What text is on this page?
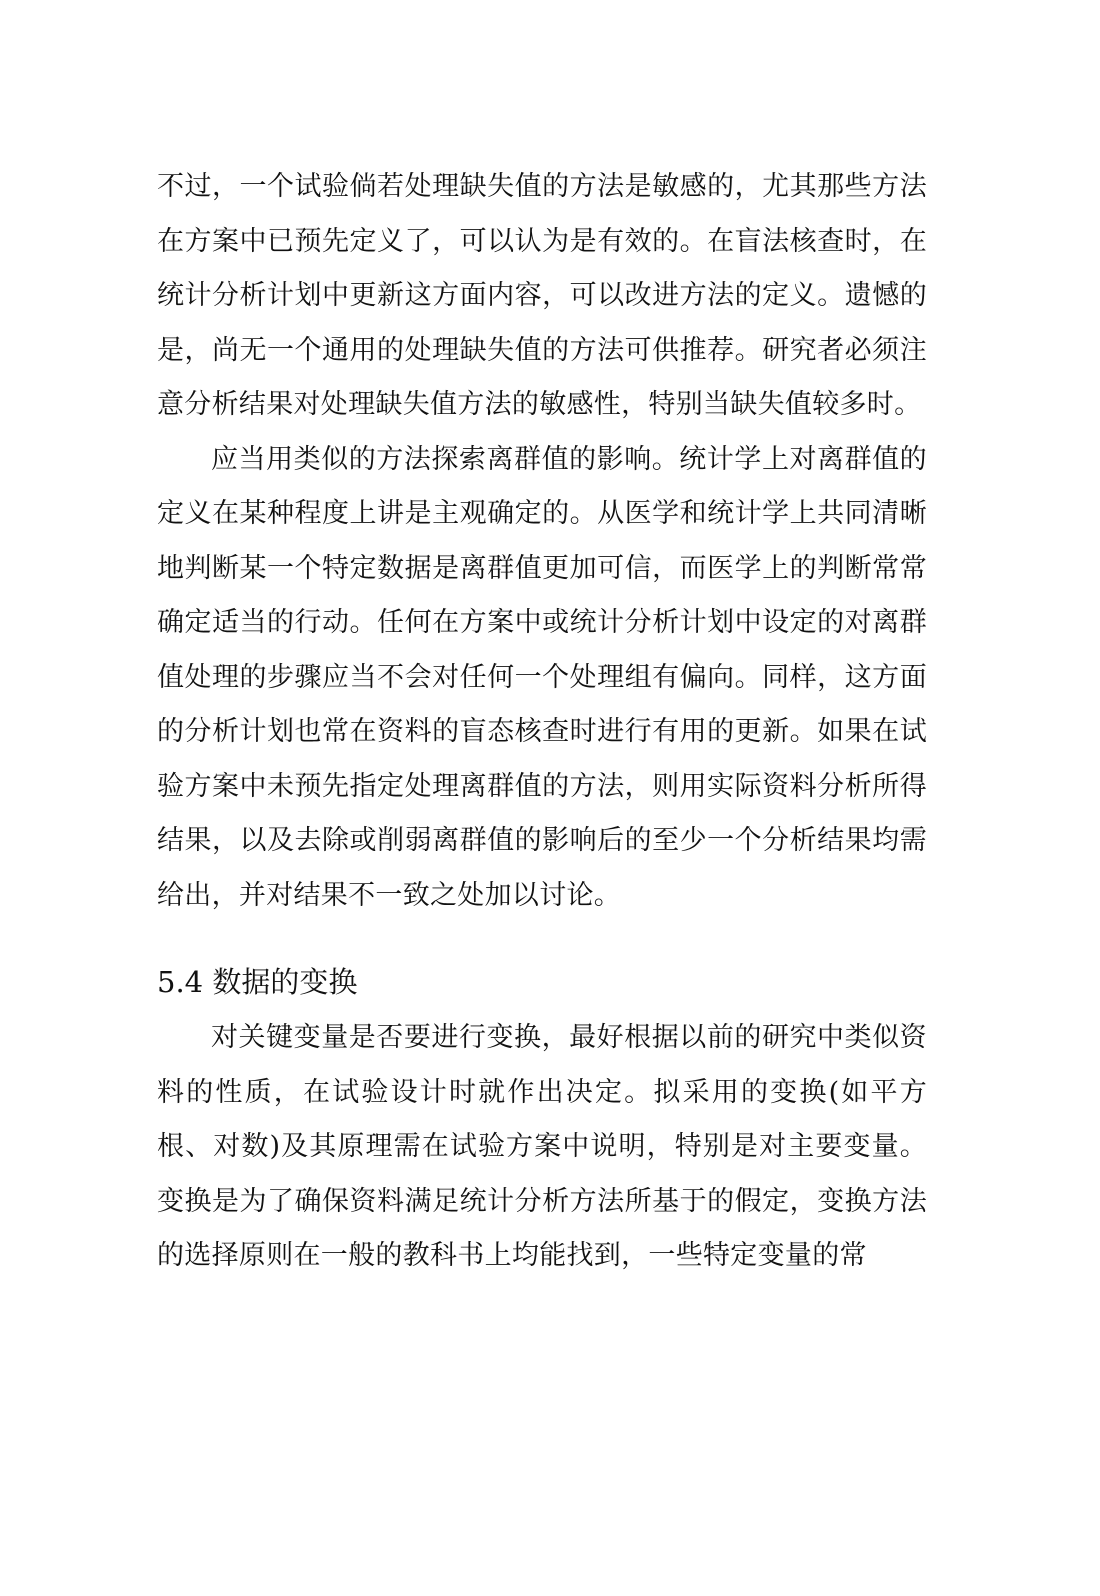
不过，一个试验倘若处理缺失值的方法是敏感的，尤其那些方法在方案中已预先定义了，可以认为是有效的。在盲法核查时，在统计分析计划中更新这方面内容，可以改进方法的定义。遗憾的是，尚无一个通用的处理缺失值的方法可供推荐。研究者必须注意分析结果对处理缺失值方法的敏感性，特别当缺失值较多时。

应当用类似的方法探索离群值的影响。统计学上对离群值的定义在某种程度上讲是主观确定的。从医学和统计学上共同清晰地判断某一个特定数据是离群值更加可信，而医学上的判断常常确定适当的行动。任何在方案中或统计分析计划中设定的对离群值处理的步骤应当不会对任何一个处理组有偏向。同样，这方面的分析计划也常在资料的盲态核查时进行有用的更新。如果在试验方案中未预先指定处理离群值的方法，则用实际资料分析所得结果，以及去除或削弱离群值的影响后的至少一个分析结果均需给出，并对结果不一致之处加以讨论。

5.4 数据的变换

对关键变量是否要进行变换，最好根据以前的研究中类似资料的性质，在试验设计时就作出决定。拟采用的变换(如平方根、对数)及其原理需在试验方案中说明，特别是对主要变量。变换是为了确保资料满足统计分析方法所基于的假定，变换方法的选择原则在一般的教科书上均能找到，一些特定变量的常
